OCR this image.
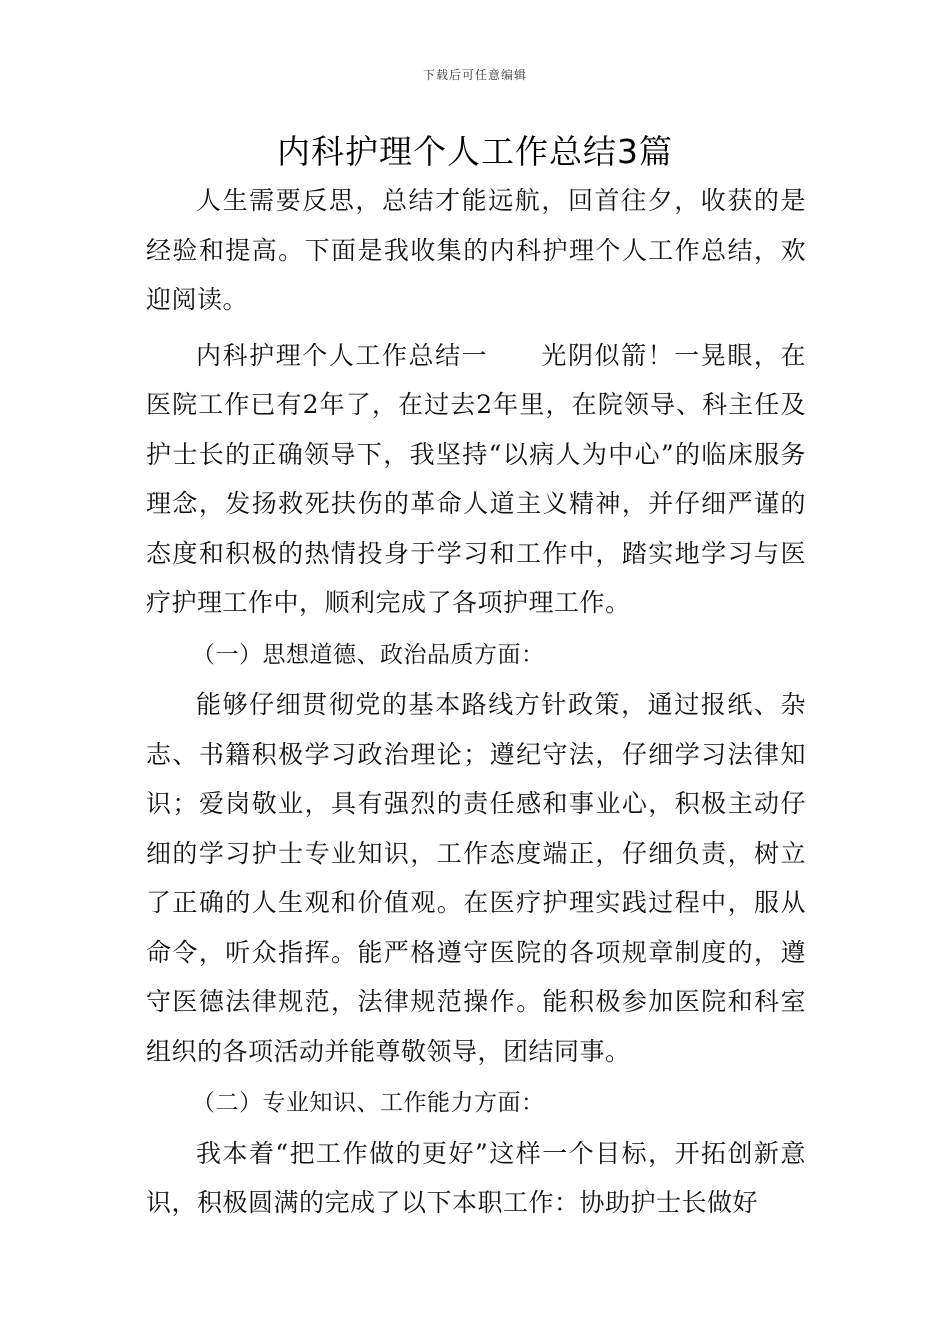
下载后可任意编辑
内科护理个人工作总结3篇

人生需要反思，总结才能远航，回首往夕，收获的是经验和提高。下面是我收集的内科护理个人工作总结，欢迎阅读。

内科护理个人工作总结一　　光阴似箭！一晃眼，在医院工作已有2年了，在过去2年里，在院领导、科主任及护士长的正确领导下，我坚持“以病人为中心”的临床服务理念，发扬救死扶伤的革命人道主义精神，并仔细严谨的态度和积极的热情投身于学习和工作中，踏实地学习与医疗护理工作中，顺利完成了各项护理工作。

（一）思想道德、政治品质方面：

能够仔细贯彻党的基本路线方针政策，通过报纸、杂志、书籍积极学习政治理论；遵纪守法，仔细学习法律知识；爱岗敬业，具有强烈的责任感和事业心，积极主动仔细的学习护士专业知识，工作态度端正，仔细负责，树立了正确的人生观和价值观。在医疗护理实践过程中，服从命令，听众指挥。能严格遵守医院的各项规章制度的，遵守医德法律规范，法律规范操作。能积极参加医院和科室组织的各项活动并能尊敬领导，团结同事。

（二）专业知识、工作能力方面：

我本着“把工作做的更好”这样一个目标，开拓创新意识，积极圆满的完成了以下本职工作：协助护士长做好
